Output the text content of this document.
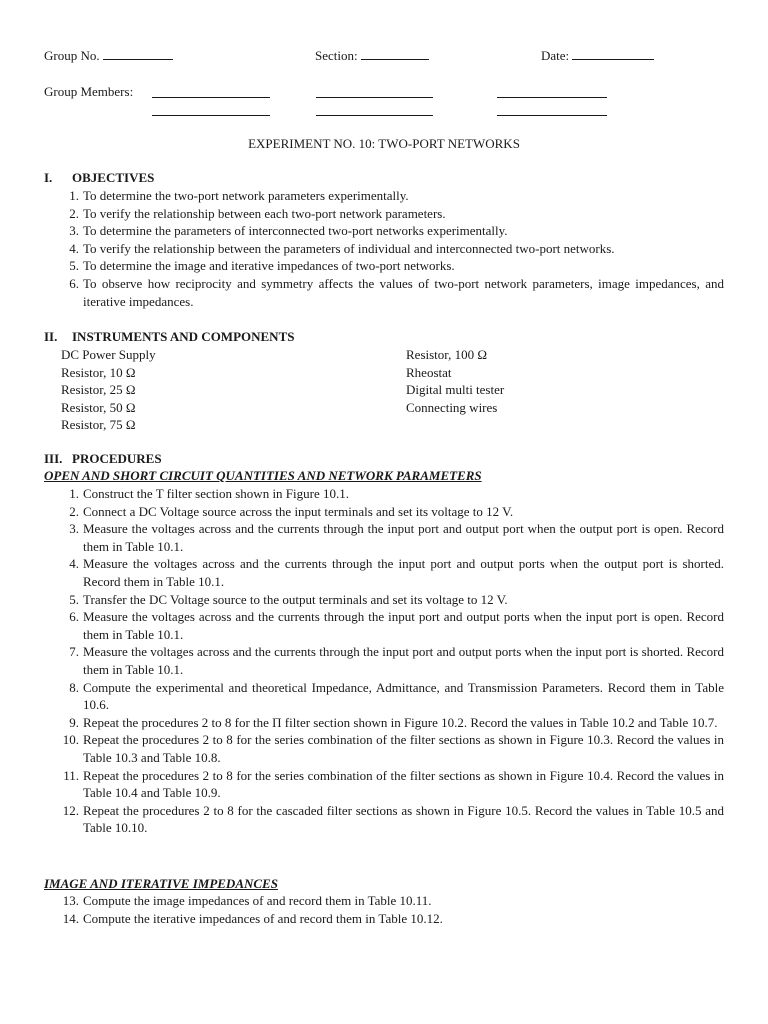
Group No.	Section:	Date:
Group Members:
EXPERIMENT NO. 10: TWO-PORT NETWORKS
I. OBJECTIVES
1. To determine the two-port network parameters experimentally.
2. To verify the relationship between each two-port network parameters.
3. To determine the parameters of interconnected two-port networks experimentally.
4. To verify the relationship between the parameters of individual and interconnected two-port networks.
5. To determine the image and iterative impedances of two-port networks.
6. To observe how reciprocity and symmetry affects the values of two-port network parameters, image impedances, and iterative impedances.
II. INSTRUMENTS AND COMPONENTS
DC Power Supply
Resistor, 10 Ω
Resistor, 25 Ω
Resistor, 50 Ω
Resistor, 75 Ω
Resistor, 100 Ω
Rheostat
Digital multi tester
Connecting wires
III. PROCEDURES
OPEN AND SHORT CIRCUIT QUANTITIES AND NETWORK PARAMETERS
1. Construct the T filter section shown in Figure 10.1.
2. Connect a DC Voltage source across the input terminals and set its voltage to 12 V.
3. Measure the voltages across and the currents through the input port and output port when the output port is open. Record them in Table 10.1.
4. Measure the voltages across and the currents through the input port and output ports when the output port is shorted. Record them in Table 10.1.
5. Transfer the DC Voltage source to the output terminals and set its voltage to 12 V.
6. Measure the voltages across and the currents through the input port and output ports when the input port is open. Record them in Table 10.1.
7. Measure the voltages across and the currents through the input port and output ports when the input port is shorted. Record them in Table 10.1.
8. Compute the experimental and theoretical Impedance, Admittance, and Transmission Parameters. Record them in Table 10.6.
9. Repeat the procedures 2 to 8 for the Π filter section shown in Figure 10.2. Record the values in Table 10.2 and Table 10.7.
10. Repeat the procedures 2 to 8 for the series combination of the filter sections as shown in Figure 10.3. Record the values in Table 10.3 and Table 10.8.
11. Repeat the procedures 2 to 8 for the series combination of the filter sections as shown in Figure 10.4. Record the values in Table 10.4 and Table 10.9.
12. Repeat the procedures 2 to 8 for the cascaded filter sections as shown in Figure 10.5. Record the values in Table 10.5 and Table 10.10.
IMAGE AND ITERATIVE IMPEDANCES
13. Compute the image impedances of and record them in Table 10.11.
14. Compute the iterative impedances of and record them in Table 10.12.
